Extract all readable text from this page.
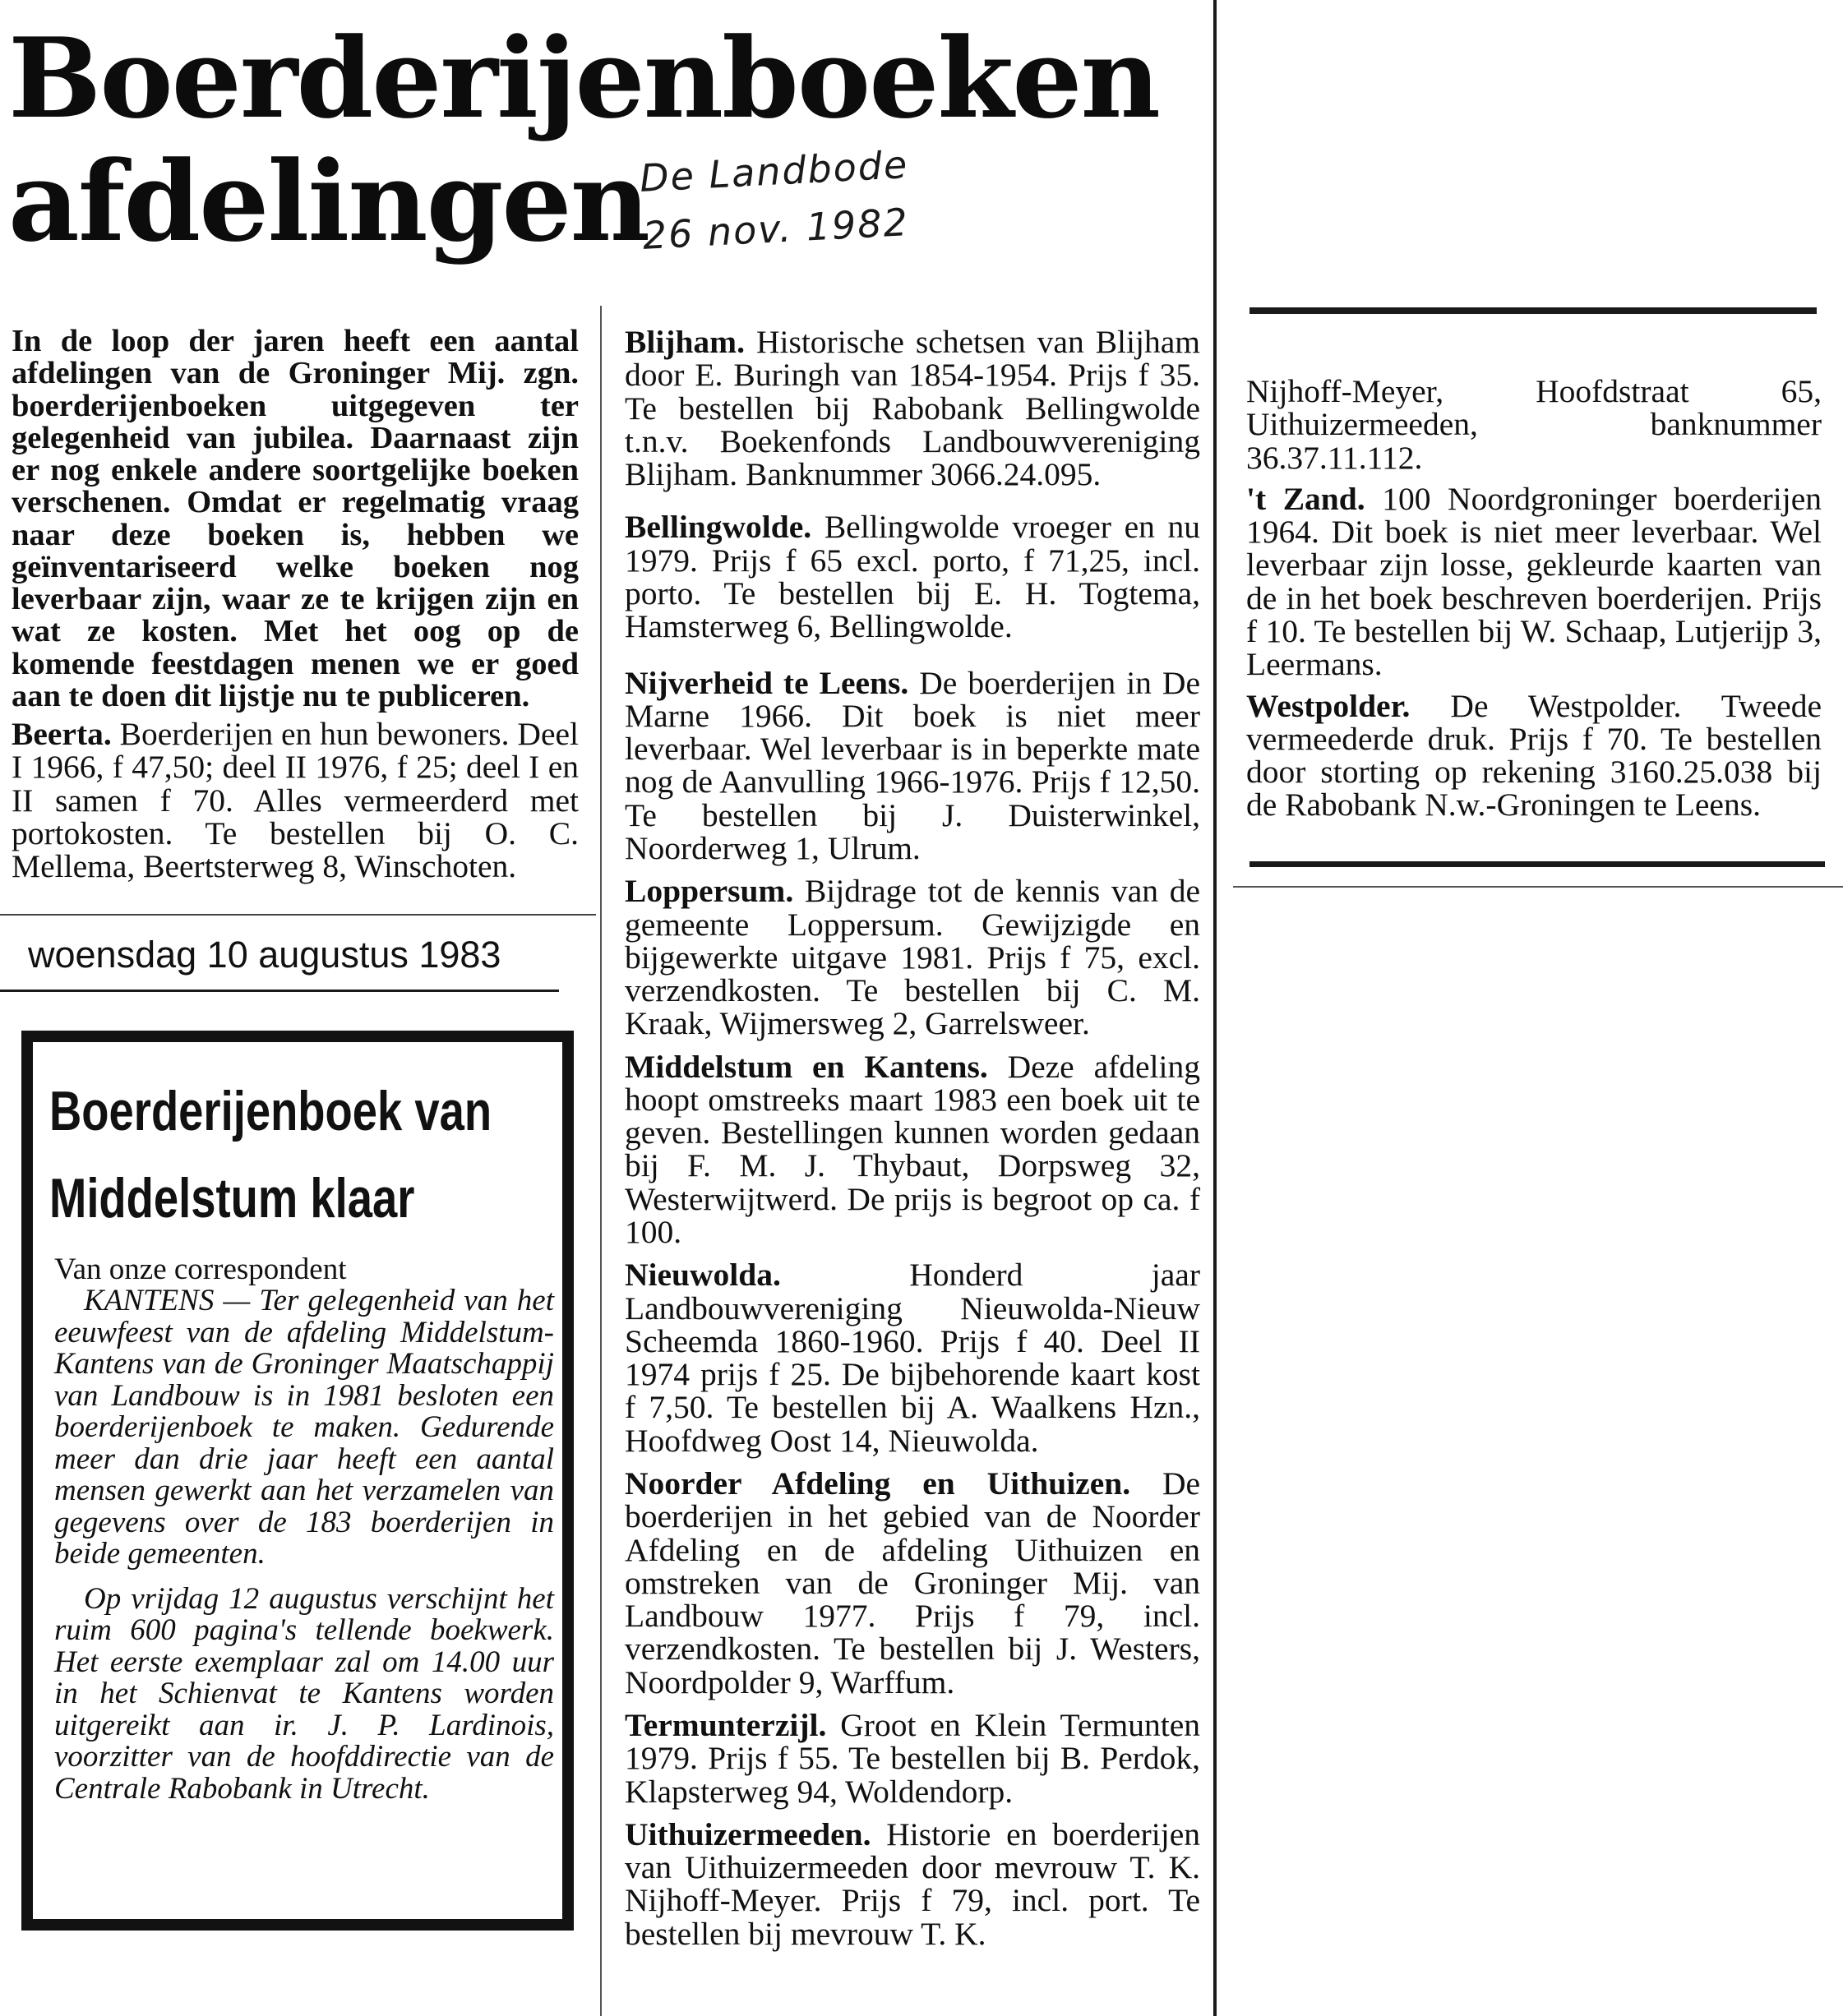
Boerderijenboeken
afdelingen
De Landbode
26 nov. 1982

In de loop der jaren heeft een aantal afdelingen van de Groninger Mij. zgn. boerderijenboeken uitgegeven ter gelegenheid van jubilea. Daarnaast zijn er nog enkele andere soortgelijke boeken verschenen. Omdat er regelmatig vraag naar deze boeken is, hebben we geïnventariseerd welke boeken nog leverbaar zijn, waar ze te krijgen zijn en wat ze kosten. Met het oog op de komende feestdagen menen we er goed aan te doen dit lijstje nu te publiceren.

Beerta. Boerderijen en hun bewoners. Deel I 1966, f 47,50; deel II 1976, f 25; deel I en II samen f 70. Alles vermeerderd met portokosten. Te bestellen bij O. C. Mellema, Beertsterweg 8, Winschoten.

woensdag 10 augustus 1983
Boerderijenboek van
Middelstum klaar

Van onze correspondent

KANTENS — Ter gelegenheid van het eeuwfeest van de afdeling Middelstum-Kantens van de Groninger Maatschappij van Landbouw is in 1981 besloten een boerderijenboek te maken. Gedurende meer dan drie jaar heeft een aantal mensen gewerkt aan het verzamelen van gegevens over de 183 boerderijen in beide gemeenten.

Op vrijdag 12 augustus verschijnt het ruim 600 pagina's tellende boekwerk. Het eerste exemplaar zal om 14.00 uur in het Schienvat te Kantens worden uitgereikt aan ir. J. P. Lardinois, voorzitter van de hoofddirectie van de Centrale Rabobank in Utrecht.

Blijham. Historische schetsen van Blijham door E. Buringh van 1854-1954. Prijs f 35. Te bestellen bij Rabobank Bellingwolde t.n.v. Boekenfonds Landbouwvereniging Blijham. Banknummer 3066.24.095.

Bellingwolde. Bellingwolde vroeger en nu 1979. Prijs f 65 excl. porto, f 71,25, incl. porto. Te bestellen bij E. H. Togtema, Hamsterweg 6, Bellingwolde.

Nijverheid te Leens. De boerderijen in De Marne 1966. Dit boek is niet meer leverbaar. Wel leverbaar is in beperkte mate nog de Aanvulling 1966-1976. Prijs f 12,50. Te bestellen bij J. Duisterwinkel, Noorderweg 1, Ulrum.

Loppersum. Bijdrage tot de kennis van de gemeente Loppersum. Gewijzigde en bijgewerkte uitgave 1981. Prijs f 75, excl. verzendkosten. Te bestellen bij C. M. Kraak, Wijmersweg 2, Garrelsweer.

Middelstum en Kantens. Deze afdeling hoopt omstreeks maart 1983 een boek uit te geven. Bestellingen kunnen worden gedaan bij F. M. J. Thybaut, Dorpsweg 32, Westerwijtwerd. De prijs is begroot op ca. f 100.

Nieuwolda.	Honderd jaar Landbouwvereniging Nieuwolda-Nieuw Scheemda 1860-1960. Prijs f 40. Deel II 1974 prijs f 25. De bijbehorende kaart kost f 7,50. Te bestellen bij A. Waalkens Hzn., Hoofdweg Oost 14, Nieuwolda.

Noorder Afdeling en Uithuizen. De boerderijen in het gebied van de Noorder Afdeling en de afdeling Uithuizen en omstreken van de Groninger Mij. van Landbouw 1977. Prijs f 79, incl. verzendkosten. Te bestellen bij J. Westers, Noordpolder 9, Warffum.

Termunterzijl. Groot en Klein Termunten 1979. Prijs f 55. Te bestellen bij B. Perdok, Klapsterweg 94, Woldendorp.

Uithuizermeeden. Historie en boerderijen van Uithuizermeeden door mevrouw T. K. Nijhoff-Meyer. Prijs f 79, incl. port. Te bestellen bij mevrouw T. K.

Nijhoff-Meyer, Hoofdstraat 65, Uithuizermeeden, banknummer 36.37.11.112.

't Zand. 100 Noordgroninger boerderijen 1964. Dit boek is niet meer leverbaar. Wel leverbaar zijn losse, gekleurde kaarten van de in het boek beschreven boerderijen. Prijs f 10. Te bestellen bij W. Schaap, Lutjerijp 3, Leermans.

Westpolder. De Westpolder. Tweede vermeederde druk. Prijs f 70. Te bestellen door storting op rekening 3160.25.038 bij de Rabobank N.w.-Groningen te Leens.
